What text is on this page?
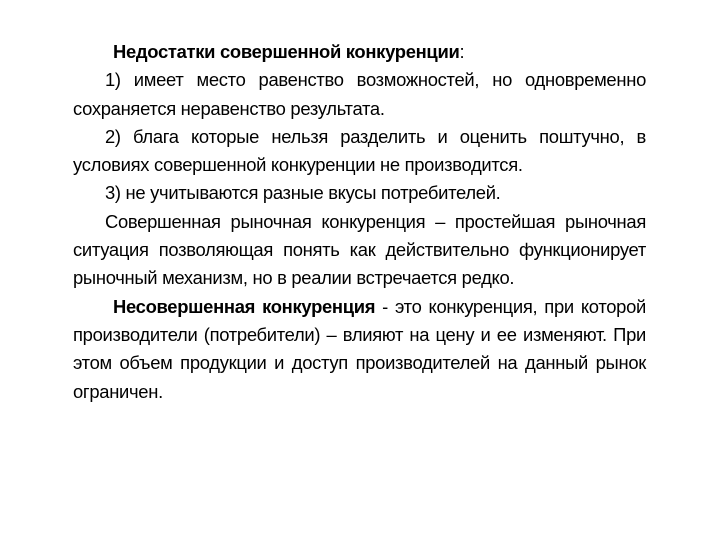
Недостатки совершенной конкуренции:

1) имеет место равенство возможностей, но одновременно сохраняется неравенство результата.

2) блага которые нельзя разделить и оценить поштучно, в условиях совершенной конкуренции не производится.

3) не учитываются разные вкусы потребителей.

Совершенная рыночная конкуренция – простейшая рыночная ситуация позволяющая понять как действительно функционирует рыночный механизм, но в реалии встречается редко.

Несовершенная конкуренция - это конкуренция, при которой производители (потребители) – влияют на цену и ее изменяют. При этом объем продукции и доступ производителей на данный рынок ограничен.
